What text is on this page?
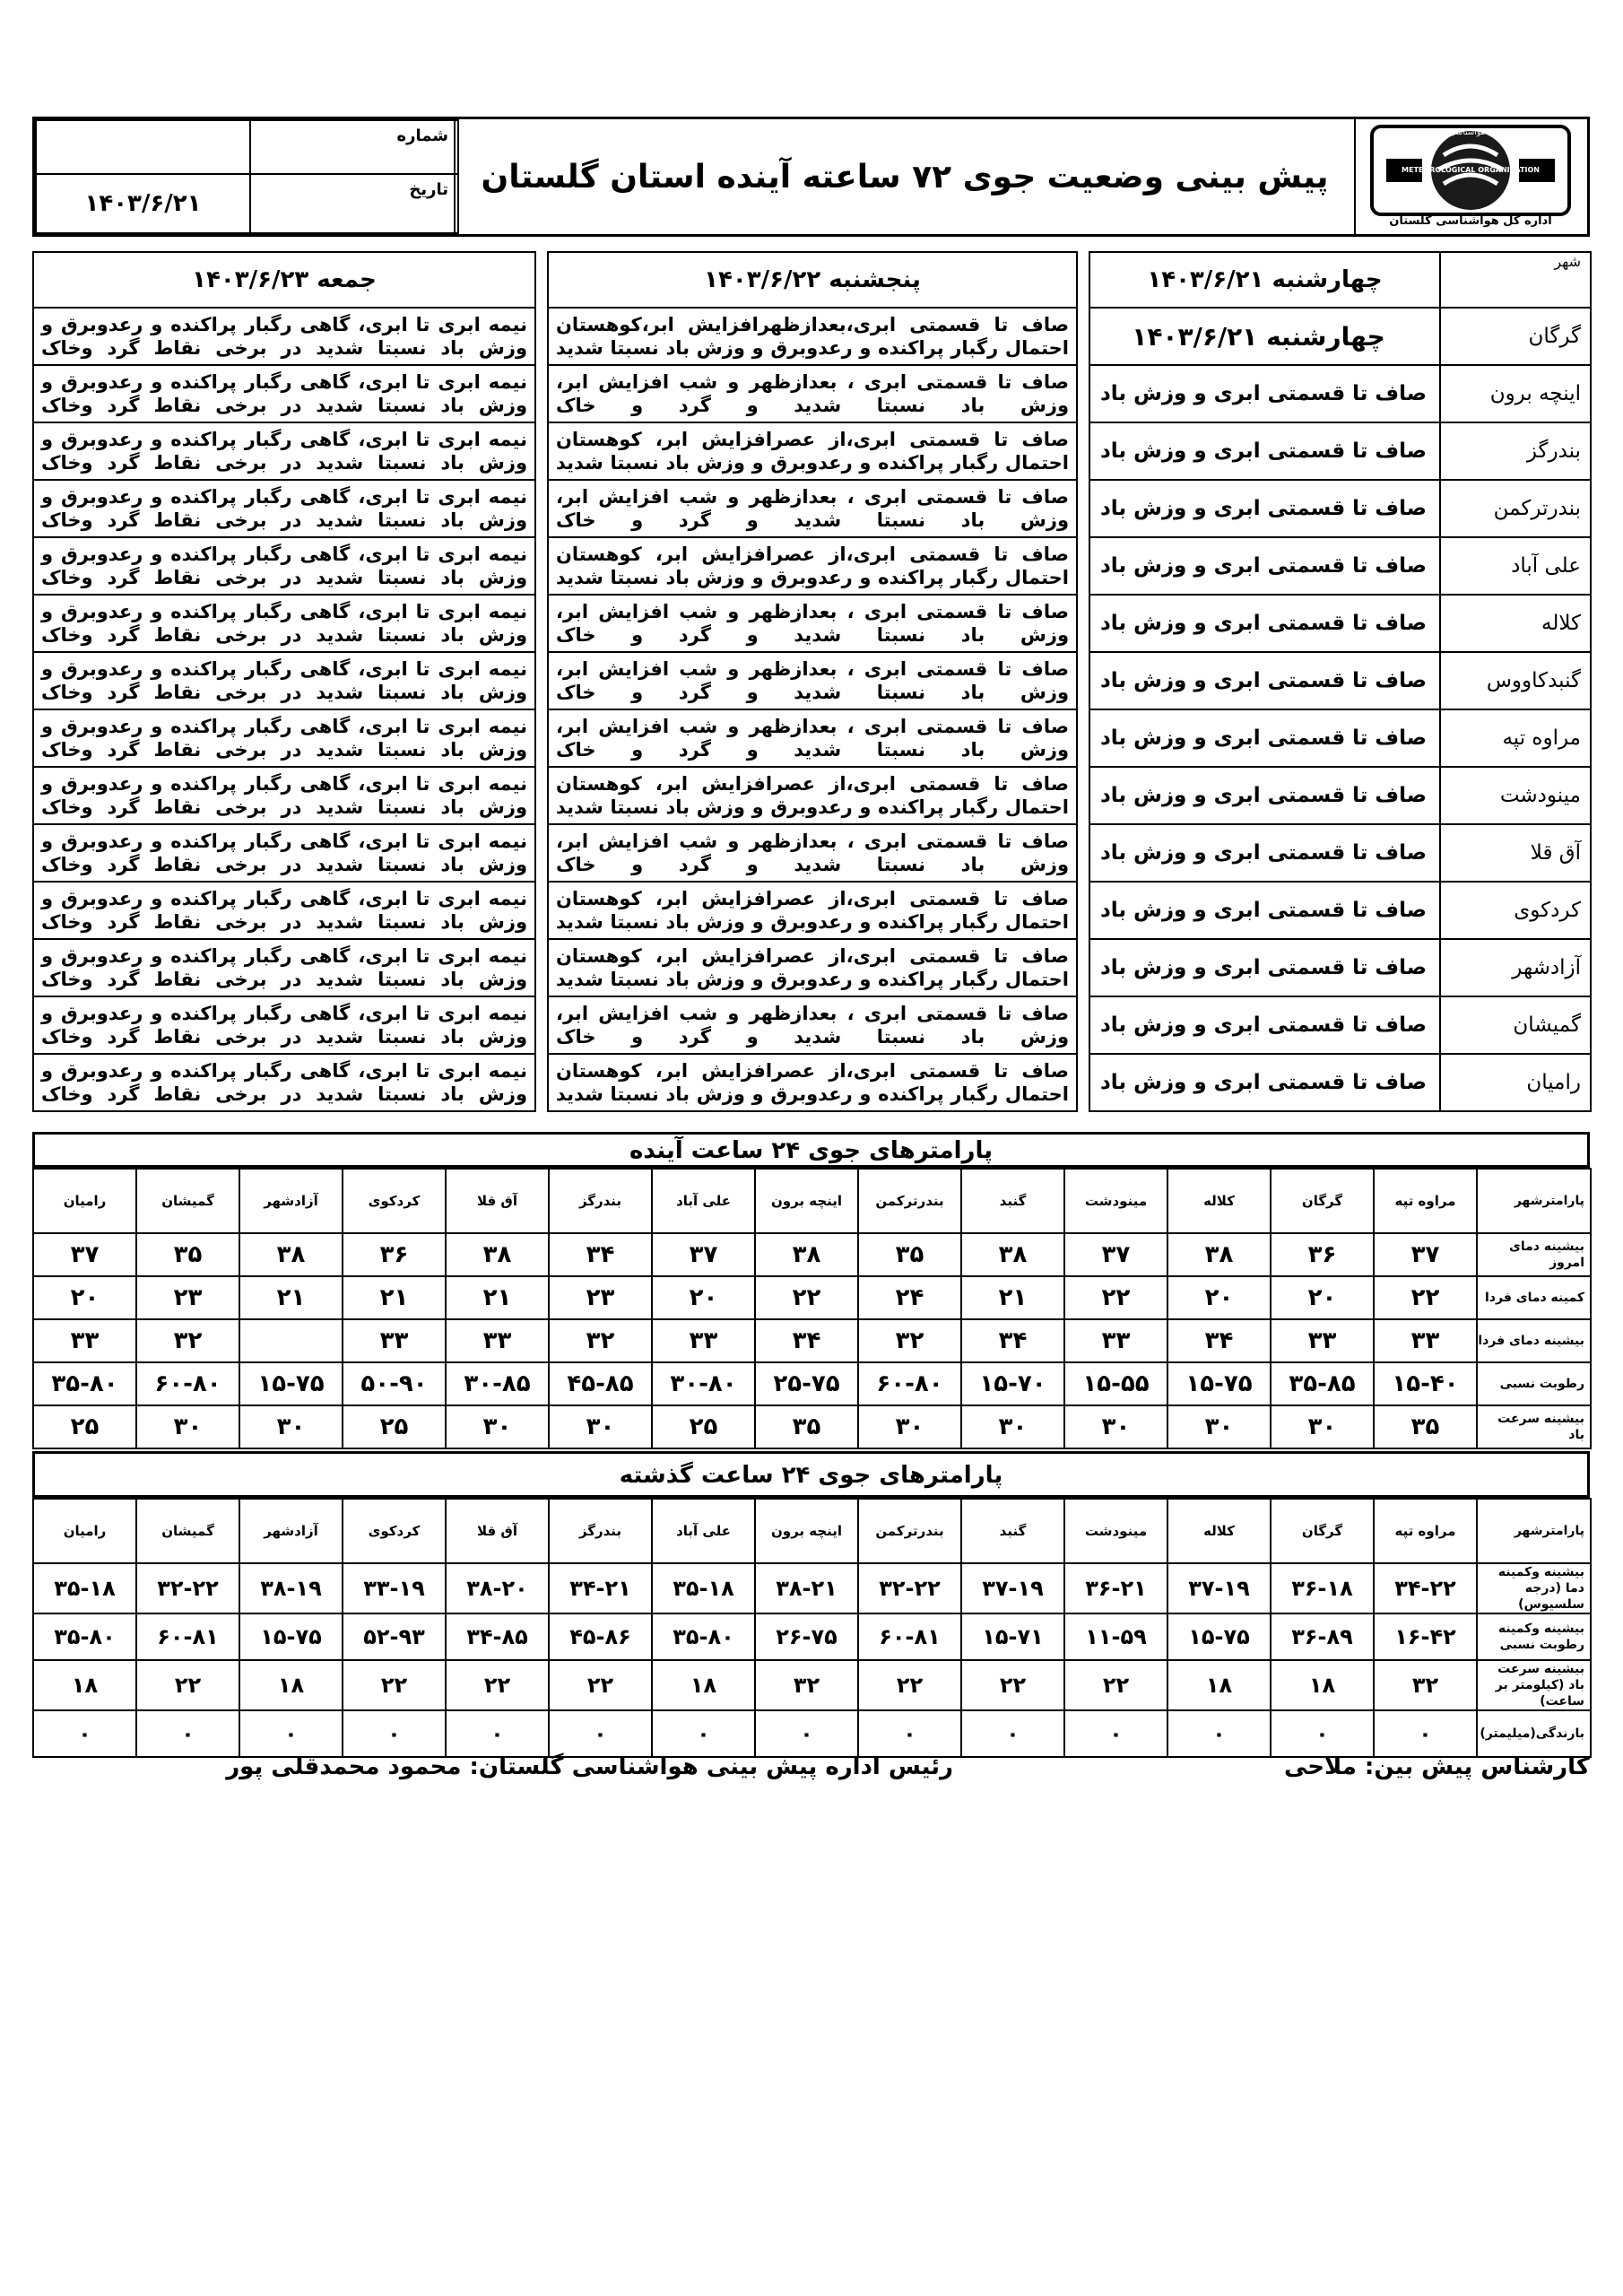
سازمان هواشناسی کشور
METEOROLOGICAL ORGANIZATION
اداره کل هواشناسی گلستان
پیش بینی وضعیت جوی ۷۲ ساعته آینده استان گلستان
	شماره
۱۴۰۳/۶/۲۱	تاریخ
جمعه ۱۴۰۳/۶/۲۳		پنجشنبه ۱۴۰۳/۶/۲۲		چهارشنبه ۱۴۰۳/۶/۲۱	شهر
نیمه ابری تا ابری، گاهی رگبار پراکنده و رعدوبرق و وزش باد نسبتا شدید در برخی نقاط گرد وخاک		صاف تا قسمتی ابری،بعدازظهرافزایش ابر،کوهستان احتمال رگبار پراکنده و رعدوبرق و وزش باد نسبتا شدید		چهارشنبه ۱۴۰۳/۶/۲۱	گرگان
نیمه ابری تا ابری، گاهی رگبار پراکنده و رعدوبرق و وزش باد نسبتا شدید در برخی نقاط گرد وخاک		صاف تا قسمتی ابری ، بعدازظهر و شب افزایش ابر، وزش باد نسبتا شدید و گرد و خاک		صاف تا قسمتی ابری و وزش باد	اینچه برون
نیمه ابری تا ابری، گاهی رگبار پراکنده و رعدوبرق و وزش باد نسبتا شدید در برخی نقاط گرد وخاک		صاف تا قسمتی ابری،از عصرافزایش ابر، کوهستان احتمال رگبار پراکنده و رعدوبرق و وزش باد نسبتا شدید		صاف تا قسمتی ابری و وزش باد	بندرگز
نیمه ابری تا ابری، گاهی رگبار پراکنده و رعدوبرق و وزش باد نسبتا شدید در برخی نقاط گرد وخاک		صاف تا قسمتی ابری ، بعدازظهر و شب افزایش ابر، وزش باد نسبتا شدید و گرد و خاک		صاف تا قسمتی ابری و وزش باد	بندرترکمن
نیمه ابری تا ابری، گاهی رگبار پراکنده و رعدوبرق و وزش باد نسبتا شدید در برخی نقاط گرد وخاک		صاف تا قسمتی ابری،از عصرافزایش ابر، کوهستان احتمال رگبار پراکنده و رعدوبرق و وزش باد نسبتا شدید		صاف تا قسمتی ابری و وزش باد	علی آباد
نیمه ابری تا ابری، گاهی رگبار پراکنده و رعدوبرق و وزش باد نسبتا شدید در برخی نقاط گرد وخاک		صاف تا قسمتی ابری ، بعدازظهر و شب افزایش ابر، وزش باد نسبتا شدید و گرد و خاک		صاف تا قسمتی ابری و وزش باد	کلاله
نیمه ابری تا ابری، گاهی رگبار پراکنده و رعدوبرق و وزش باد نسبتا شدید در برخی نقاط گرد وخاک		صاف تا قسمتی ابری ، بعدازظهر و شب افزایش ابر، وزش باد نسبتا شدید و گرد و خاک		صاف تا قسمتی ابری و وزش باد	گنبدکاووس
نیمه ابری تا ابری، گاهی رگبار پراکنده و رعدوبرق و وزش باد نسبتا شدید در برخی نقاط گرد وخاک		صاف تا قسمتی ابری ، بعدازظهر و شب افزایش ابر، وزش باد نسبتا شدید و گرد و خاک		صاف تا قسمتی ابری و وزش باد	مراوه تپه
نیمه ابری تا ابری، گاهی رگبار پراکنده و رعدوبرق و وزش باد نسبتا شدید در برخی نقاط گرد وخاک		صاف تا قسمتی ابری،از عصرافزایش ابر، کوهستان احتمال رگبار پراکنده و رعدوبرق و وزش باد نسبتا شدید		صاف تا قسمتی ابری و وزش باد	مینودشت
نیمه ابری تا ابری، گاهی رگبار پراکنده و رعدوبرق و وزش باد نسبتا شدید در برخی نقاط گرد وخاک		صاف تا قسمتی ابری ، بعدازظهر و شب افزایش ابر، وزش باد نسبتا شدید و گرد و خاک		صاف تا قسمتی ابری و وزش باد	آق قلا
نیمه ابری تا ابری، گاهی رگبار پراکنده و رعدوبرق و وزش باد نسبتا شدید در برخی نقاط گرد وخاک		صاف تا قسمتی ابری،از عصرافزایش ابر، کوهستان احتمال رگبار پراکنده و رعدوبرق و وزش باد نسبتا شدید		صاف تا قسمتی ابری و وزش باد	کردکوی
نیمه ابری تا ابری، گاهی رگبار پراکنده و رعدوبرق و وزش باد نسبتا شدید در برخی نقاط گرد وخاک		صاف تا قسمتی ابری،از عصرافزایش ابر، کوهستان احتمال رگبار پراکنده و رعدوبرق و وزش باد نسبتا شدید		صاف تا قسمتی ابری و وزش باد	آزادشهر
نیمه ابری تا ابری، گاهی رگبار پراکنده و رعدوبرق و وزش باد نسبتا شدید در برخی نقاط گرد وخاک		صاف تا قسمتی ابری ، بعدازظهر و شب افزایش ابر، وزش باد نسبتا شدید و گرد و خاک		صاف تا قسمتی ابری و وزش باد	گمیشان
نیمه ابری تا ابری، گاهی رگبار پراکنده و رعدوبرق و وزش باد نسبتا شدید در برخی نقاط گرد وخاک		صاف تا قسمتی ابری،از عصرافزایش ابر، کوهستان احتمال رگبار پراکنده و رعدوبرق و وزش باد نسبتا شدید		صاف تا قسمتی ابری و وزش باد	رامیان
پارامترهای جوی ۲۴ ساعت آینده
رامیان	گمیشان	آزادشهر	کردکوی	آق قلا	بندرگز	علی آباد	اینچه برون	بندرترکمن	گنبد	مینودشت	کلاله	گرگان	مراوه تپه	پارامترشهر
۳۷	۳۵	۳۸	۳۶	۳۸	۳۴	۳۷	۳۸	۳۵	۳۸	۳۷	۳۸	۳۶	۳۷	بیشینه دمای امروز
۲۰	۲۳	۲۱	۲۱	۲۱	۲۳	۲۰	۲۲	۲۴	۲۱	۲۲	۲۰	۲۰	۲۲	کمینه دمای فردا
۳۳	۳۲		۳۳	۳۳	۳۲	۳۳	۳۴	۳۲	۳۴	۳۳	۳۴	۳۳	۳۳	بیشینه دمای فردا
۳۵-۸۰	۶۰-۸۰	۱۵-۷۵	۵۰-۹۰	۳۰-۸۵	۴۵-۸۵	۳۰-۸۰	۲۵-۷۵	۶۰-۸۰	۱۵-۷۰	۱۵-۵۵	۱۵-۷۵	۳۵-۸۵	۱۵-۴۰	رطوبت نسبی
۲۵	۳۰	۳۰	۲۵	۳۰	۳۰	۲۵	۳۵	۳۰	۳۰	۳۰	۳۰	۳۰	۳۵	بیشینه سرعت باد
پارامترهای جوی ۲۴ ساعت گذشته
رامیان	گمیشان	آزادشهر	کردکوی	آق قلا	بندرگز	علی آباد	اینچه برون	بندرترکمن	گنبد	مینودشت	کلاله	گرگان	مراوه تپه	پارامترشهر
۳۵-۱۸	۳۲-۲۲	۳۸-۱۹	۳۳-۱۹	۳۸-۲۰	۳۴-۲۱	۳۵-۱۸	۳۸-۲۱	۳۲-۲۲	۳۷-۱۹	۳۶-۲۱	۳۷-۱۹	۳۶-۱۸	۳۴-۲۲	بیشینه وکمینه دما (درجه سلسیوس)
۳۵-۸۰	۶۰-۸۱	۱۵-۷۵	۵۲-۹۳	۳۴-۸۵	۴۵-۸۶	۳۵-۸۰	۲۶-۷۵	۶۰-۸۱	۱۵-۷۱	۱۱-۵۹	۱۵-۷۵	۳۶-۸۹	۱۶-۴۲	بیشینه وکمینه رطوبت نسبی
۱۸	۲۲	۱۸	۲۲	۲۲	۲۲	۱۸	۳۲	۲۲	۲۲	۲۲	۱۸	۱۸	۳۲	بیشینه سرعت باد (کیلومتر بر ساعت)
۰	۰	۰	۰	۰	۰	۰	۰	۰	۰	۰	۰	۰	۰	بارندگی(میلیمتر)
کارشناس پیش بین: ملاحی
رئیس اداره پیش بینی هواشناسی گلستان: محمود محمدقلی پور
